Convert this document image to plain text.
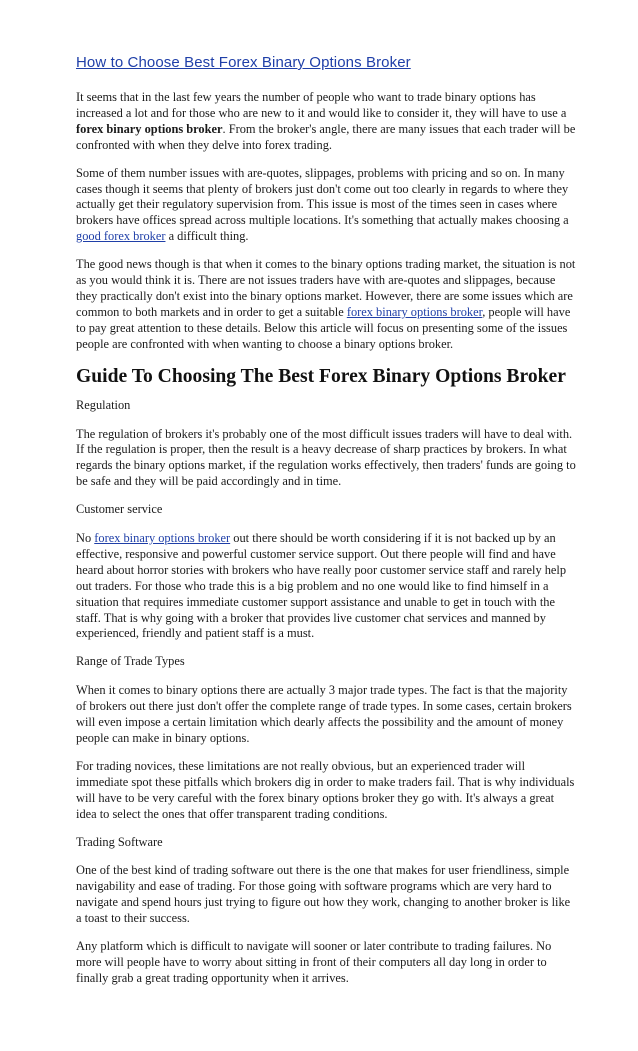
How to Choose Best Forex Binary Options Broker

It seems that in the last few years the number of people who want to trade binary options has increased a lot and for those who are new to it and would like to consider it, they will have to use a forex binary options broker. From the broker's angle, there are many issues that each trader will be confronted with when they delve into forex trading.

Some of them number issues with are-quotes, slippages, problems with pricing and so on. In many cases though it seems that plenty of brokers just don't come out too clearly in regards to where they actually get their regulatory supervision from. This issue is most of the times seen in cases where brokers have offices spread across multiple locations. It's something that actually makes choosing a good forex broker a difficult thing.

The good news though is that when it comes to the binary options trading market, the situation is not as you would think it is. There are not issues traders have with are-quotes and slippages, because they practically don't exist into the binary options market. However, there are some issues which are common to both markets and in order to get a suitable forex binary options broker, people will have to pay great attention to these details. Below this article will focus on presenting some of the issues people are confronted with when wanting to choose a binary options broker.

Guide To Choosing The Best Forex Binary Options Broker

Regulation

The regulation of brokers it's probably one of the most difficult issues traders will have to deal with. If the regulation is proper, then the result is a heavy decrease of sharp practices by brokers. In what regards the binary options market, if the regulation works effectively, then traders' funds are going to be safe and they will be paid accordingly and in time.

Customer service

No forex binary options broker out there should be worth considering if it is not backed up by an effective, responsive and powerful customer service support. Out there people will find and have heard about horror stories with brokers who have really poor customer service staff and rarely help out traders. For those who trade this is a big problem and no one would like to find himself in a situation that requires immediate customer support assistance and unable to get in touch with the staff. That is why going with a broker that provides live customer chat services and manned by experienced, friendly and patient staff is a must.

Range of Trade Types

When it comes to binary options there are actually 3 major trade types. The fact is that the majority of brokers out there just don't offer the complete range of trade types. In some cases, certain brokers will even impose a certain limitation which dearly affects the possibility and the amount of money people can make in binary options.

For trading novices, these limitations are not really obvious, but an experienced trader will immediate spot these pitfalls which brokers dig in order to make traders fail. That is why individuals will have to be very careful with the forex binary options broker they go with. It's always a great idea to select the ones that offer transparent trading conditions.

Trading Software

One of the best kind of trading software out there is the one that makes for user friendliness, simple navigability and ease of trading. For those going with software programs which are very hard to navigate and spend hours just trying to figure out how they work, changing to another broker is like a toast to their success.

Any platform which is difficult to navigate will sooner or later contribute to trading failures. No more will people have to worry about sitting in front of their computers all day long in order to finally grab a great trading opportunity when it arrives.
